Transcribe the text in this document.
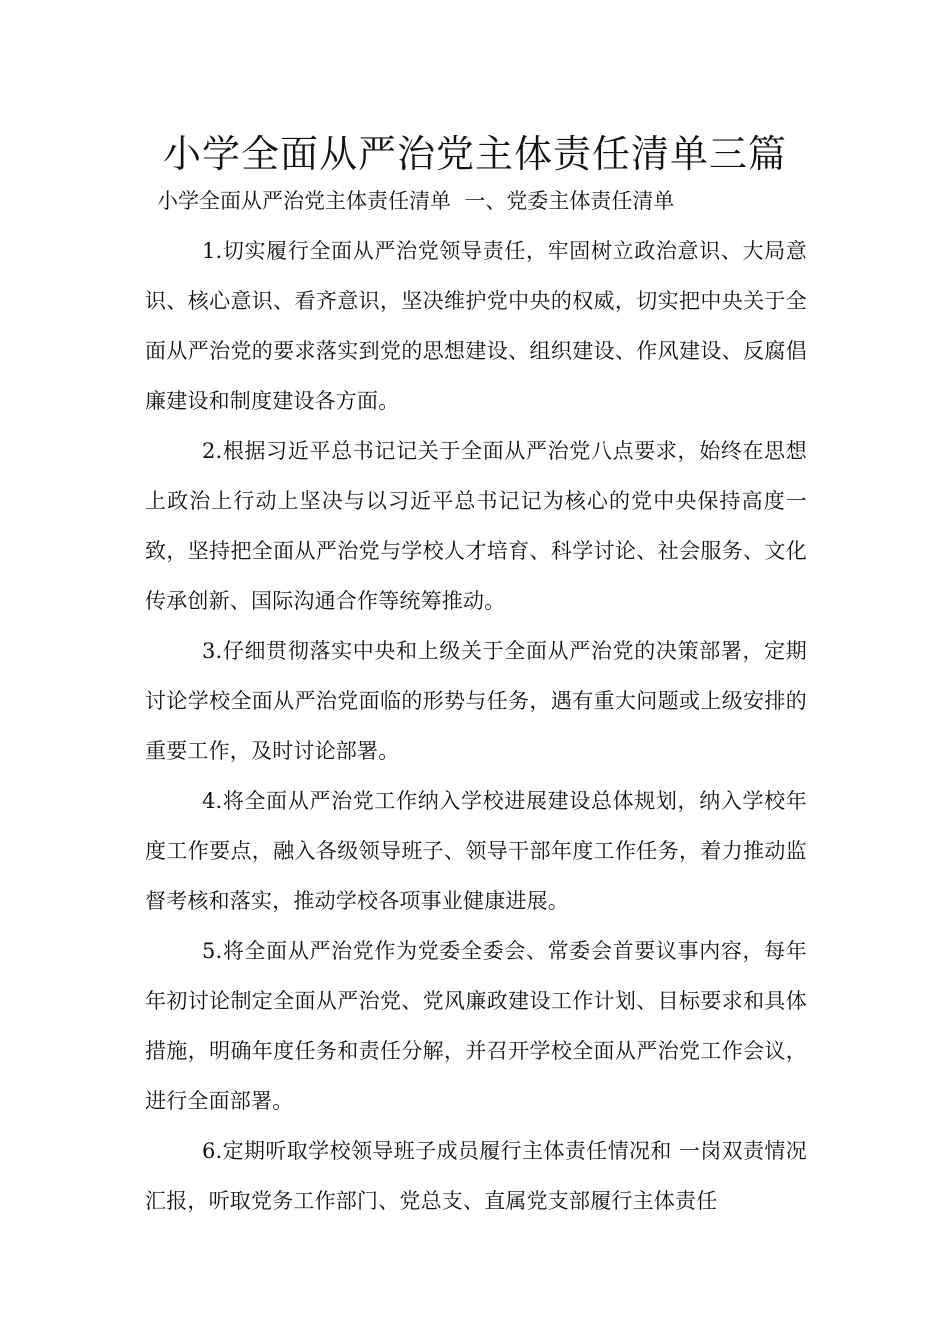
小学全面从严治党主体责任清单三篇
小学全面从严治党主体责任清单  一、党委主体责任清单

1.切实履行全面从严治党领导责任，牢固树立政治意识、大局意识、核心意识、看齐意识，坚决维护党中央的权威，切实把中央关于全面从严治党的要求落实到党的思想建设、组织建设、作风建设、反腐倡廉建设和制度建设各方面。

2.根据习近平总书记记关于全面从严治党八点要求，始终在思想上政治上行动上坚决与以习近平总书记记为核心的党中央保持高度一致，坚持把全面从严治党与学校人才培育、科学讨论、社会服务、文化传承创新、国际沟通合作等统筹推动。

3.仔细贯彻落实中央和上级关于全面从严治党的决策部署，定期讨论学校全面从严治党面临的形势与任务，遇有重大问题或上级安排的重要工作，及时讨论部署。

4.将全面从严治党工作纳入学校进展建设总体规划，纳入学校年度工作要点，融入各级领导班子、领导干部年度工作任务，着力推动监督考核和落实，推动学校各项事业健康进展。

5.将全面从严治党作为党委全委会、常委会首要议事内容，每年年初讨论制定全面从严治党、党风廉政建设工作计划、目标要求和具体措施，明确年度任务和责任分解，并召开学校全面从严治党工作会议，进行全面部署。

6.定期听取学校领导班子成员履行主体责任情况和 一岗双责情况汇报，听取党务工作部门、党总支、直属党支部履行主体责任
